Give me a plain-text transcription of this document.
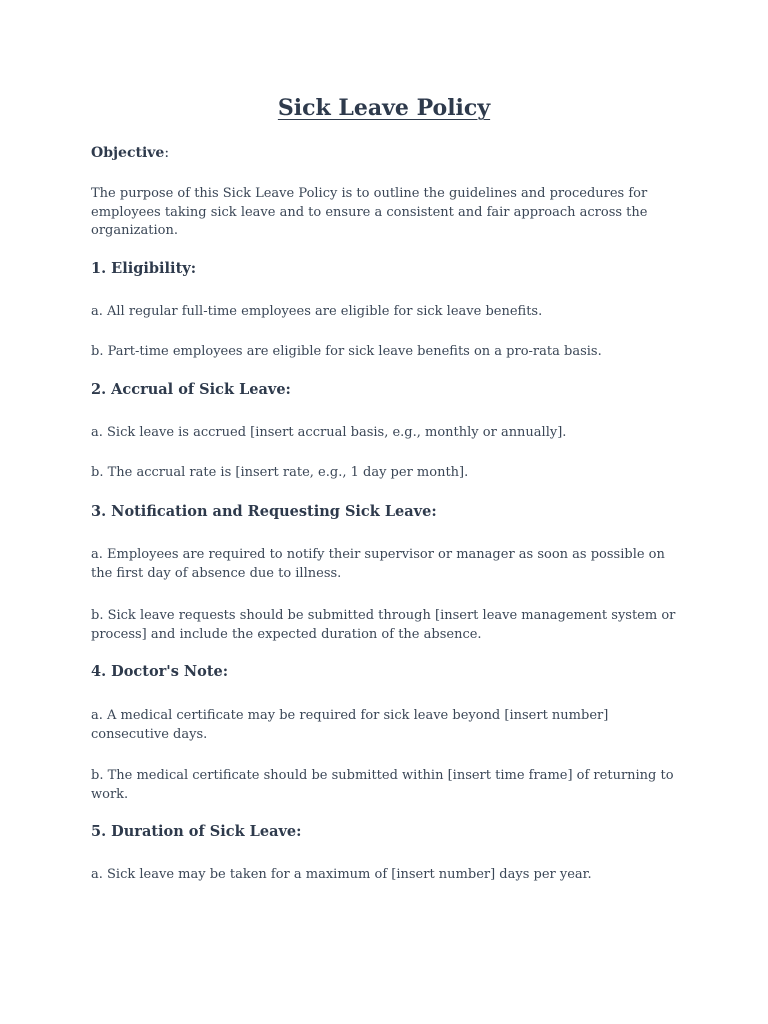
Sick Leave Policy
Objective:

The purpose of this Sick Leave Policy is to outline the guidelines and procedures for employees taking sick leave and to ensure a consistent and fair approach across the organization.

1. Eligibility:

a. All regular full-time employees are eligible for sick leave benefits.

b. Part-time employees are eligible for sick leave benefits on a pro-rata basis.

2. Accrual of Sick Leave:

a. Sick leave is accrued [insert accrual basis, e.g., monthly or annually].

b. The accrual rate is [insert rate, e.g., 1 day per month].

3. Notification and Requesting Sick Leave:

a. Employees are required to notify their supervisor or manager as soon as possible on the first day of absence due to illness.

b. Sick leave requests should be submitted through [insert leave management system or process] and include the expected duration of the absence.

4. Doctor's Note:

a. A medical certificate may be required for sick leave beyond [insert number] consecutive days.

b. The medical certificate should be submitted within [insert time frame] of returning to work.

5. Duration of Sick Leave:

a. Sick leave may be taken for a maximum of [insert number] days per year.
